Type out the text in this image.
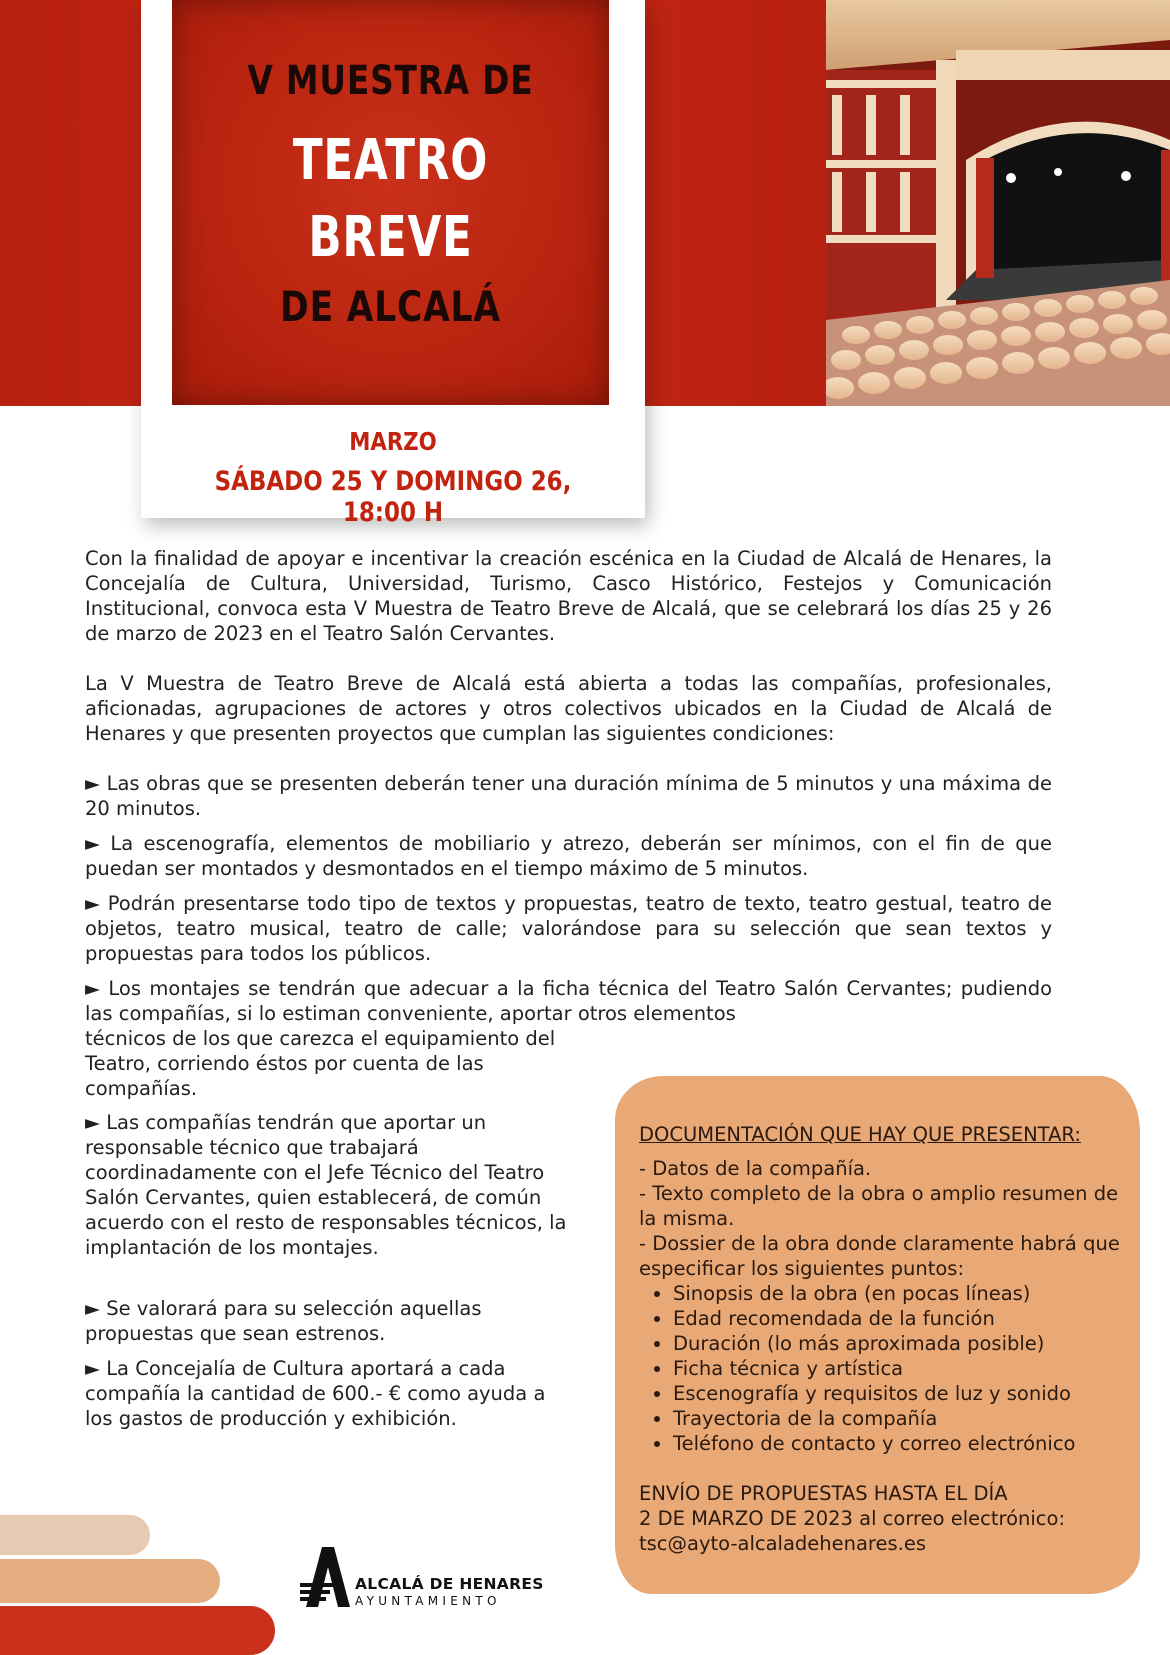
V MUESTRA DE
TEATRO
BREVE
DE ALCALÁ
MARZO
SÁBADO 25 Y DOMINGO 26, 18:00 H
Con la finalidad de apoyar e incentivar la creación escénica en la Ciudad de Alcalá de Henares, la Concejalía de Cultura, Universidad, Turismo, Casco Histórico, Festejos y Comunicación Institucional, convoca esta V Muestra de Teatro Breve de Alcalá, que se celebrará los días 25 y 26 de marzo de 2023 en el Teatro Salón Cervantes.
La V Muestra de Teatro Breve de Alcalá está abierta a todas las compañías, profesionales, aficionadas, agrupaciones de actores y otros colectivos ubicados en la Ciudad de Alcalá de Henares y que presenten proyectos que cumplan las siguientes condiciones:
► Las obras que se presenten deberán tener una duración mínima de 5 minutos y una máxima de 20 minutos.
► La escenografía, elementos de mobiliario y atrezo, deberán ser mínimos, con el fin de que puedan ser montados y desmontados en el tiempo máximo de 5 minutos.
► Podrán presentarse todo tipo de textos y propuestas, teatro de texto, teatro gestual, teatro de objetos, teatro musical, teatro de calle; valorándose para su selección que sean textos y propuestas para todos los públicos.
► Los montajes se tendrán que adecuar a la ficha técnica del Teatro Salón Cervantes; pudiendo las compañías, si lo estiman conveniente, aportar otros elementos
técnicos de los que carezca el equipamiento del Teatro, corriendo éstos por cuenta de las compañías.
► Las compañías tendrán que aportar un responsable técnico que trabajará coordinadamente con el Jefe Técnico del Teatro Salón Cervantes, quien establecerá, de común acuerdo con el resto de responsables técnicos, la implantación de los montajes.
► Se valorará para su selección aquellas propuestas que sean estrenos.
► La Concejalía de Cultura aportará a cada compañía la cantidad de 600.- € como ayuda a los gastos de producción y exhibición.
DOCUMENTACIÓN QUE HAY QUE PRESENTAR:
- Datos de la compañía.
- Texto completo de la obra o amplio resumen de la misma.
- Dossier de la obra donde claramente habrá que especificar los siguientes puntos:
• Sinopsis de la obra (en pocas líneas)
• Edad recomendada de la función
• Duración (lo más aproximada posible)
• Ficha técnica y artística
• Escenografía y requisitos de luz y sonido
• Trayectoria de la compañía
• Teléfono de contacto y correo electrónico
ENVÍO DE PROPUESTAS HASTA EL DÍA
2 DE MARZO DE 2023 al correo electrónico:
tsc@ayto-alcaladehenares.es
ALCALÁ DE HENARES
AYUNTAMIENTO
